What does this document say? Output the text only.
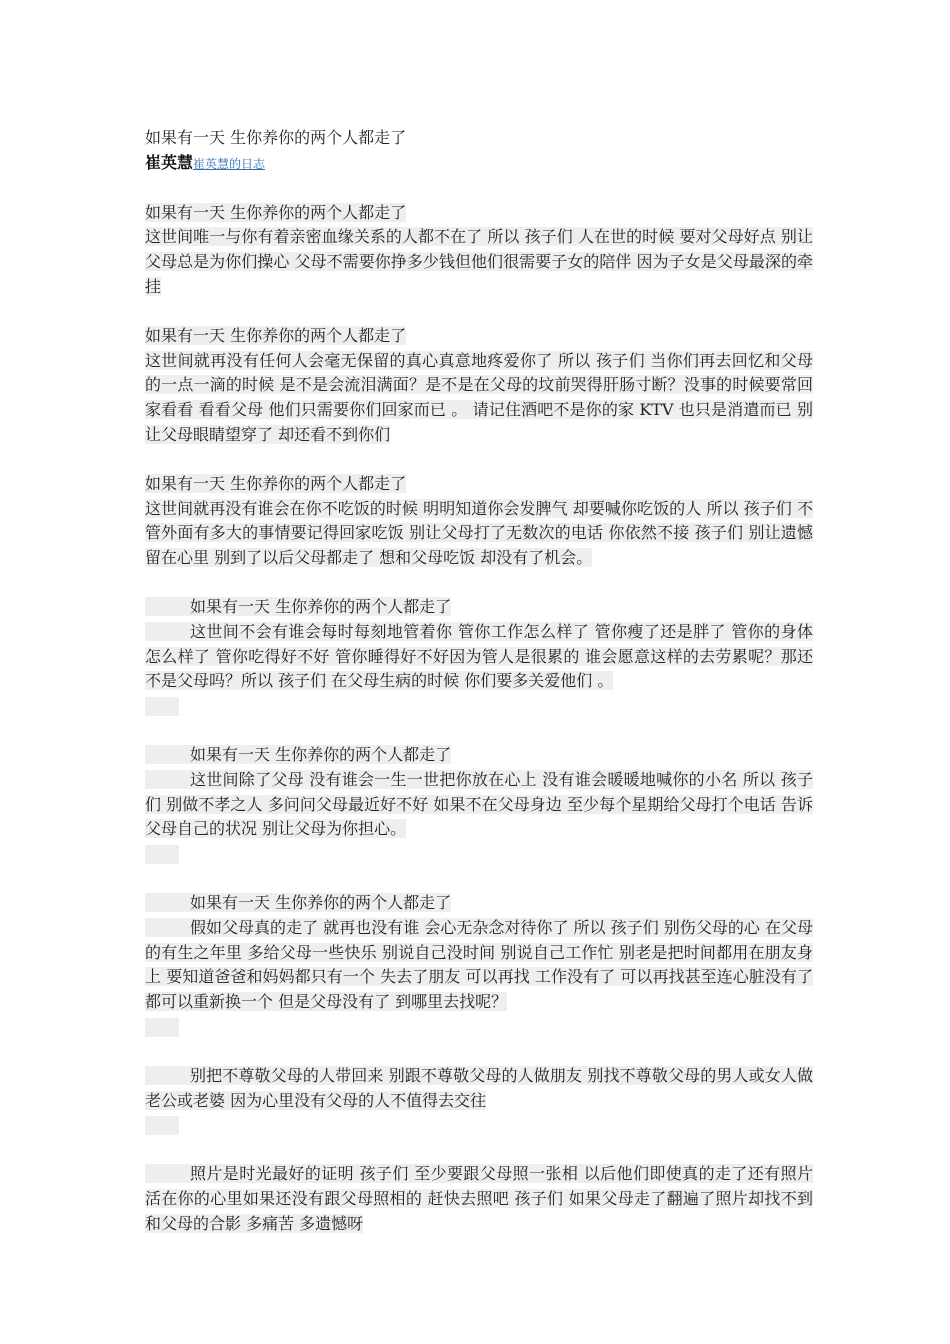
如果有一天 生你养你的两个人都走了

崔英慧崔英慧的日志

如果有一天 生你养你的两个人都走了

这世间唯一与你有着亲密血缘关系的人都不在了 所以 孩子们 人在世的时候 要对父母好点 别让父母总是为你们操心 父母不需要你挣多少钱但他们很需要子女的陪伴 因为子女是父母最深的牵挂

如果有一天 生你养你的两个人都走了

这世间就再没有任何人会毫无保留的真心真意地疼爱你了 所以 孩子们 当你们再去回忆和父母的一点一滴的时候 是不是会流泪满面？是不是在父母的坟前哭得肝肠寸断？没事的时候要常回家看看 看看父母 他们只需要你们回家而已 。 请记住酒吧不是你的家 KTV 也只是消遣而已 别让父母眼睛望穿了 却还看不到你们

如果有一天 生你养你的两个人都走了

这世间就再没有谁会在你不吃饭的时候 明明知道你会发脾气 却要喊你吃饭的人 所以 孩子们 不管外面有多大的事情要记得回家吃饭 别让父母打了无数次的电话 你依然不接 孩子们 别让遗憾留在心里 别到了以后父母都走了 想和父母吃饭 却没有了机会。

如果有一天 生你养你的两个人都走了

这世间不会有谁会每时每刻地管着你 管你工作怎么样了 管你瘦了还是胖了 管你的身体怎么样了 管你吃得好不好 管你睡得好不好因为管人是很累的 谁会愿意这样的去劳累呢？那还不是父母吗？所以 孩子们 在父母生病的时候 你们要多关爱他们 。

如果有一天 生你养你的两个人都走了

这世间除了父母 没有谁会一生一世把你放在心上 没有谁会暖暖地喊你的小名 所以 孩子们 别做不孝之人 多问问父母最近好不好 如果不在父母身边 至少每个星期给父母打个电话 告诉父母自己的状况 别让父母为你担心。

如果有一天 生你养你的两个人都走了

假如父母真的走了 就再也没有谁 会心无杂念对待你了 所以 孩子们 别伤父母的心 在父母的有生之年里 多给父母一些快乐 别说自己没时间 别说自己工作忙 别老是把时间都用在朋友身上 要知道爸爸和妈妈都只有一个 失去了朋友 可以再找 工作没有了 可以再找甚至连心脏没有了 都可以重新换一个 但是父母没有了 到哪里去找呢？

别把不尊敬父母的人带回来 别跟不尊敬父母的人做朋友 别找不尊敬父母的男人或女人做老公或老婆 因为心里没有父母的人不值得去交往

照片是时光最好的证明 孩子们 至少要跟父母照一张相 以后他们即使真的走了还有照片活在你的心里如果还没有跟父母照相的 赶快去照吧 孩子们 如果父母走了翻遍了照片却找不到和父母的合影 多痛苦 多遗憾呀
